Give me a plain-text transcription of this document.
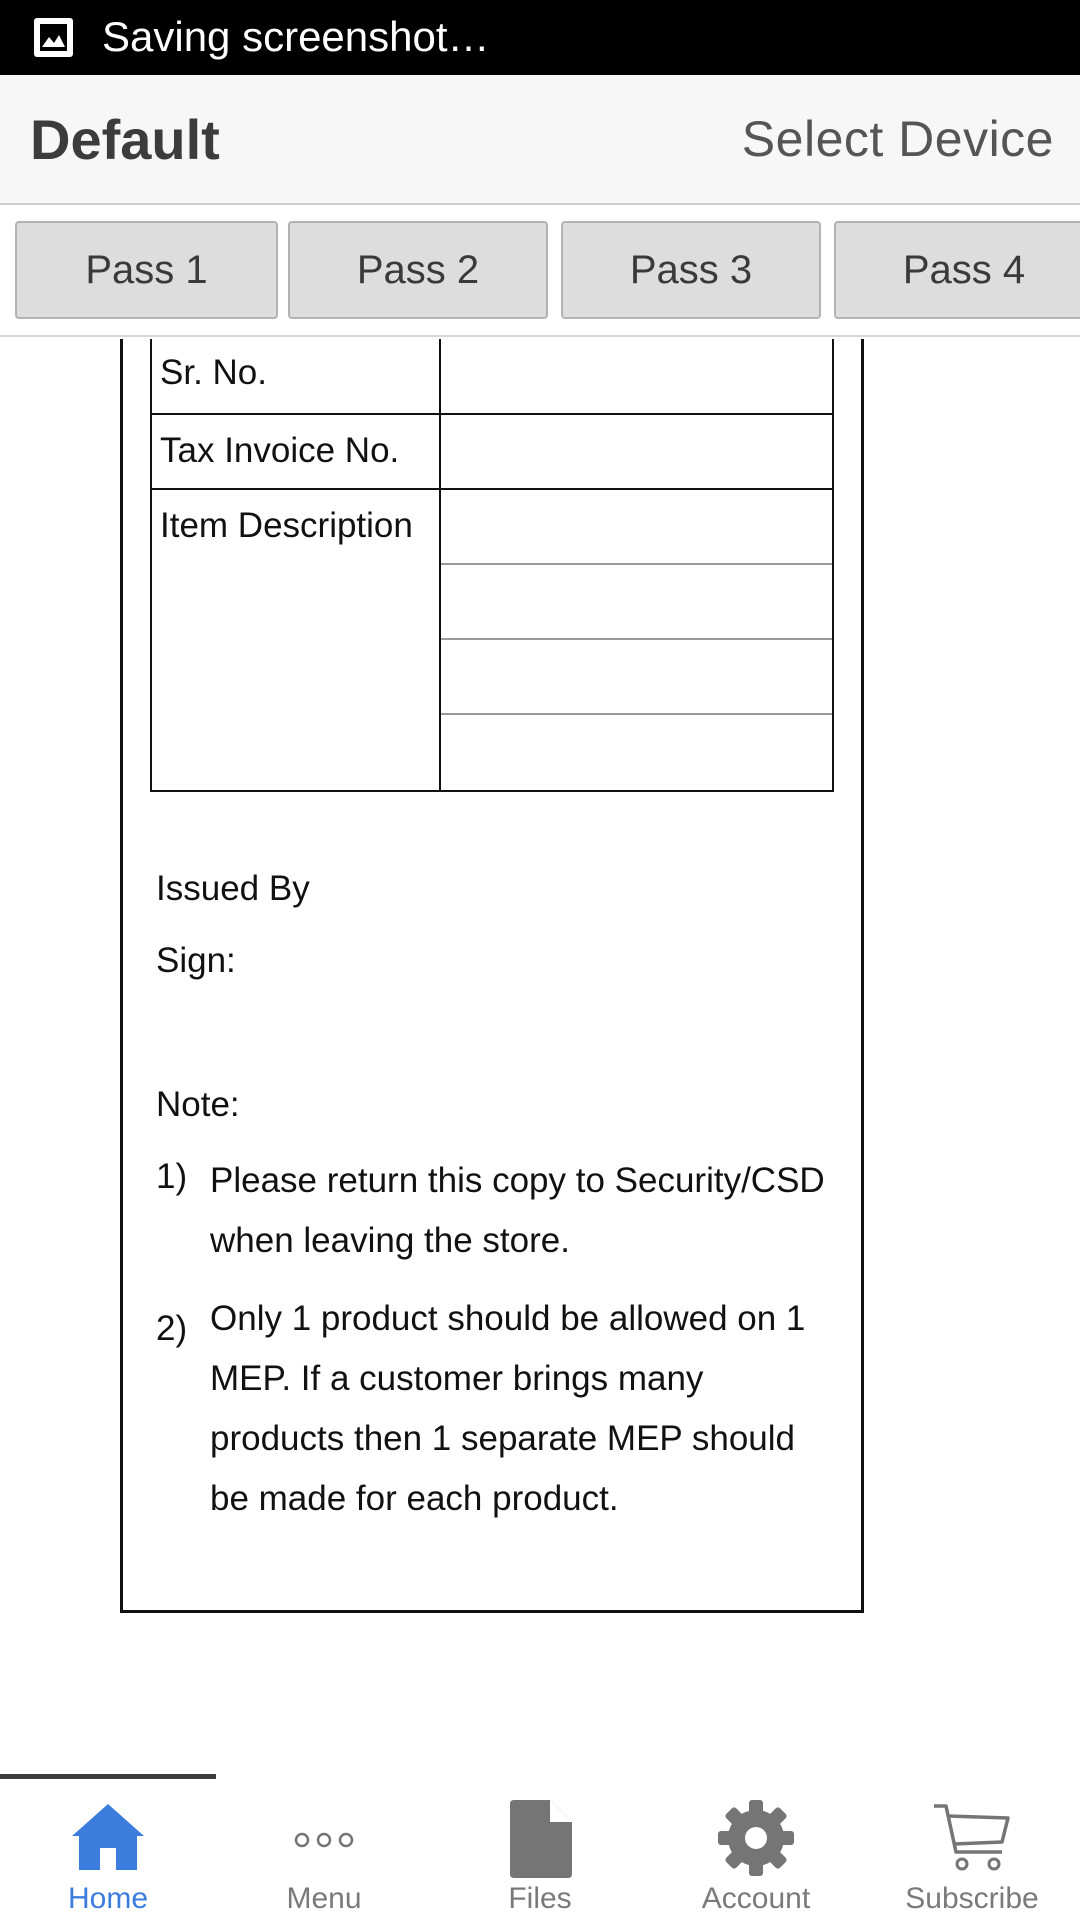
Saving screenshot…
Default	Select Device
Pass 1	Pass 2	Pass 3	Pass 4
Sr. No.	
Tax Invoice No.	
Item Description	
Issued By
Sign:
Note:
1) Please return this copy to Security/CSD when leaving the store.
2) Only 1 product should be allowed on 1 MEP. If a customer brings many products then 1 separate MEP should be made for each product.
Home	Menu	Files	Account	Subscribe
